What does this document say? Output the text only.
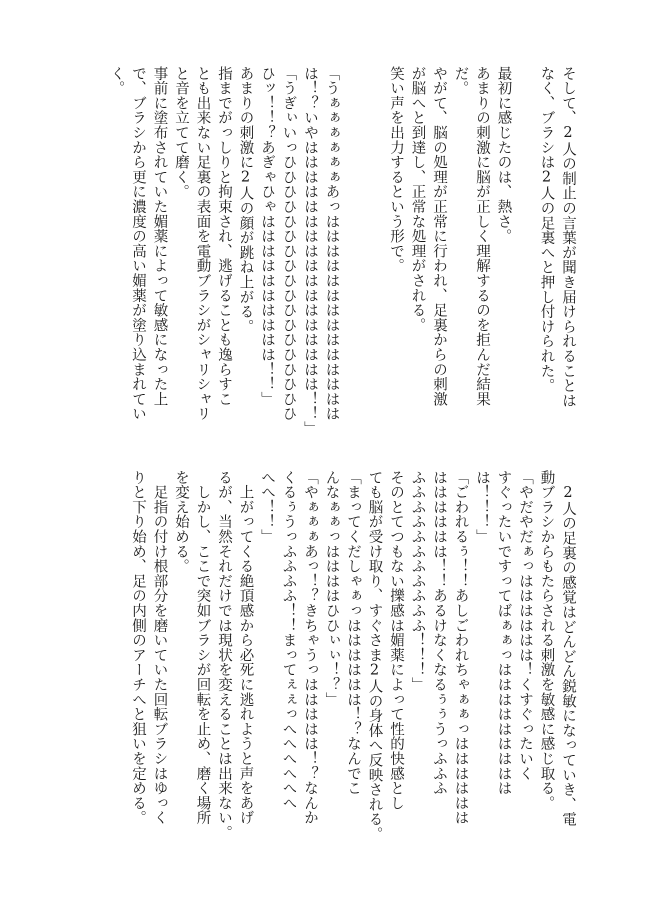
そして、2人の制止の言葉が聞き届けられることは
なく、ブラシは2人の足裏へと押し付けられた。
最初に感じたのは、熱さ。
あまりの刺激に脳が正しく理解するのを拒んだ結果
だ。
やがて、脳の処理が正常に行われ、足裏からの刺激
が脳へと到達し、正常な処理がされる。
笑い声を出力するという形で。
「うぁぁぁぁぁぁあっはははははははははははははは
は！？いやははははははははははははははははは！！」
「うぎぃいっひひひひひひひひひひひひひひひひひひ
ひッ！！？あぎゃひゃはははははははははは！！」
あまりの刺激に2人の顔が跳ね上がる。
指までがっしりと拘束され、逃げることも逸らすこ
とも出来ない足裏の表面を電動ブラシがシャリシャリ
と音を立てて磨く。
事前に塗布されていた媚薬によって敏感になった上
で、ブラシから更に濃度の高い媚薬が塗り込まれてい
く。
　2人の足裏の感覚はどんどん鋭敏になっていき、電
動ブラシからもたらされる刺激を敏感に感じ取る。
「やだやだぁっはははははは！くすぐったいく
すぐったいですってばぁぁっははははははははは
は！！！」
「ごわれるぅ！！あしごわれちゃぁぁっはははははは
はははははは！！あるけなくなるぅぅうっふふふ
ふふふふふふふふふふふ！！！」
そのとてつもない擽感は媚薬によって性的快感とし
ても脳が受け取り、すぐさま2人の身体へ反映される。
「まってくだしゃぁっはははははは！？なんでこ
んなぁぁっははははひひぃぃ！？」
「やぁぁぁあっ！？きちゃうっははははは！？なんか
くるぅうっふふふふ！！まってぇぇっへへへへへへ
へへ！！」
　上がってくる絶頂感から必死に逃れようと声をあげ
るが、当然それだけでは現状を変えることは出来ない。
　しかし、ここで突如ブラシが回転を止め、磨く場所
を変え始める。
　足指の付け根部分を磨いていた回転ブラシはゆっく
りと下り始め、足の内側のアーチへと狙いを定める。
